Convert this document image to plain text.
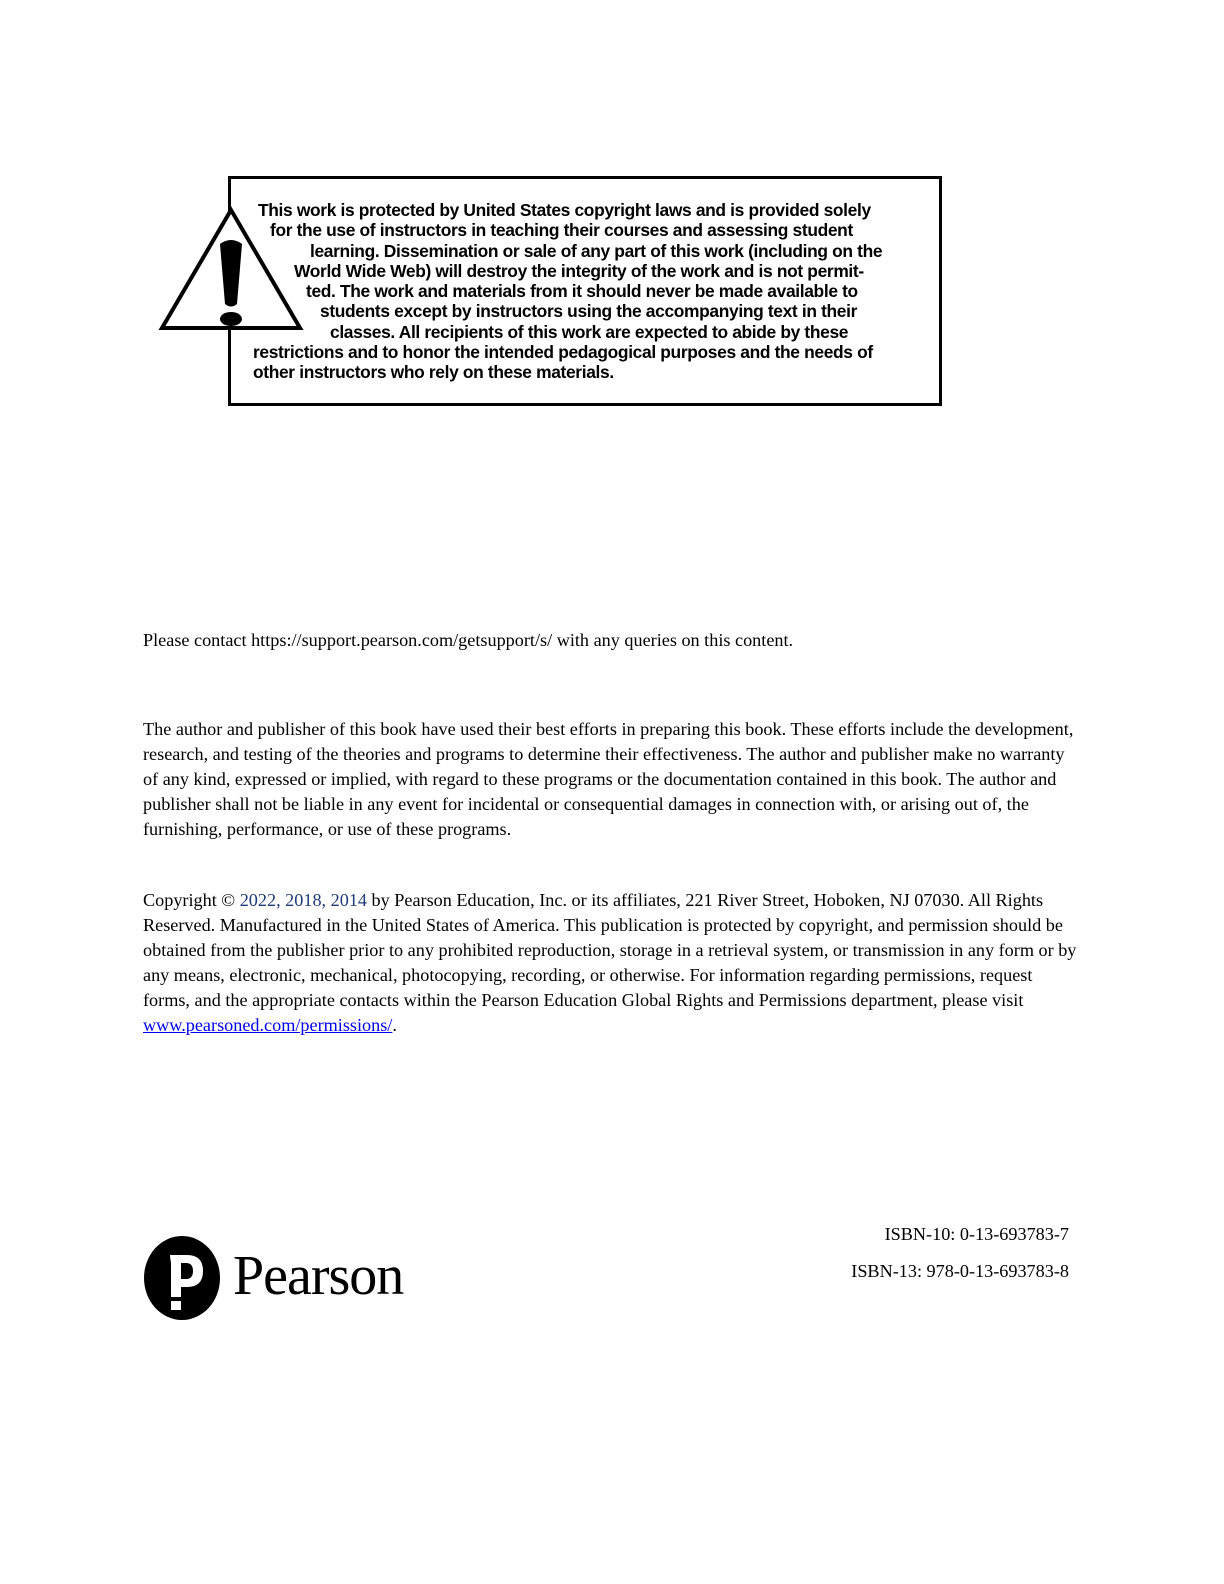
This work is protected by United States copyright laws and is provided solely
for the use of instructors in teaching their courses and assessing student
learning. Dissemination or sale of any part of this work (including on the
World Wide Web) will destroy the integrity of the work and is not permit-
ted. The work and materials from it should never be made available to
students except by instructors using the accompanying text in their
classes. All recipients of this work are expected to abide by these
restrictions and to honor the intended pedagogical purposes and the needs of
other instructors who rely on these materials.

Please contact https://support.pearson.com/getsupport/s/ with any queries on this content.

The author and publisher of this book have used their best efforts in preparing this book. These efforts include the development, research, and testing of the theories and programs to determine their effectiveness. The author and publisher make no warranty of any kind, expressed or implied, with regard to these programs or the documentation contained in this book. The author and publisher shall not be liable in any event for incidental or consequential damages in connection with, or arising out of, the furnishing, performance, or use of these programs.

Copyright © 2022, 2018, 2014 by Pearson Education, Inc. or its affiliates, 221 River Street, Hoboken, NJ 07030. All Rights Reserved. Manufactured in the United States of America. This publication is protected by copyright, and permission should be obtained from the publisher prior to any prohibited reproduction, storage in a retrieval system, or transmission in any form or by any means, electronic, mechanical, photocopying, recording, or otherwise. For information regarding permissions, request forms, and the appropriate contacts within the Pearson Education Global Rights and Permissions department, please visit www.pearsoned.com/permissions/.

Pearson
ISBN-10: 0-13-693783-7
ISBN-13: 978-0-13-693783-8
